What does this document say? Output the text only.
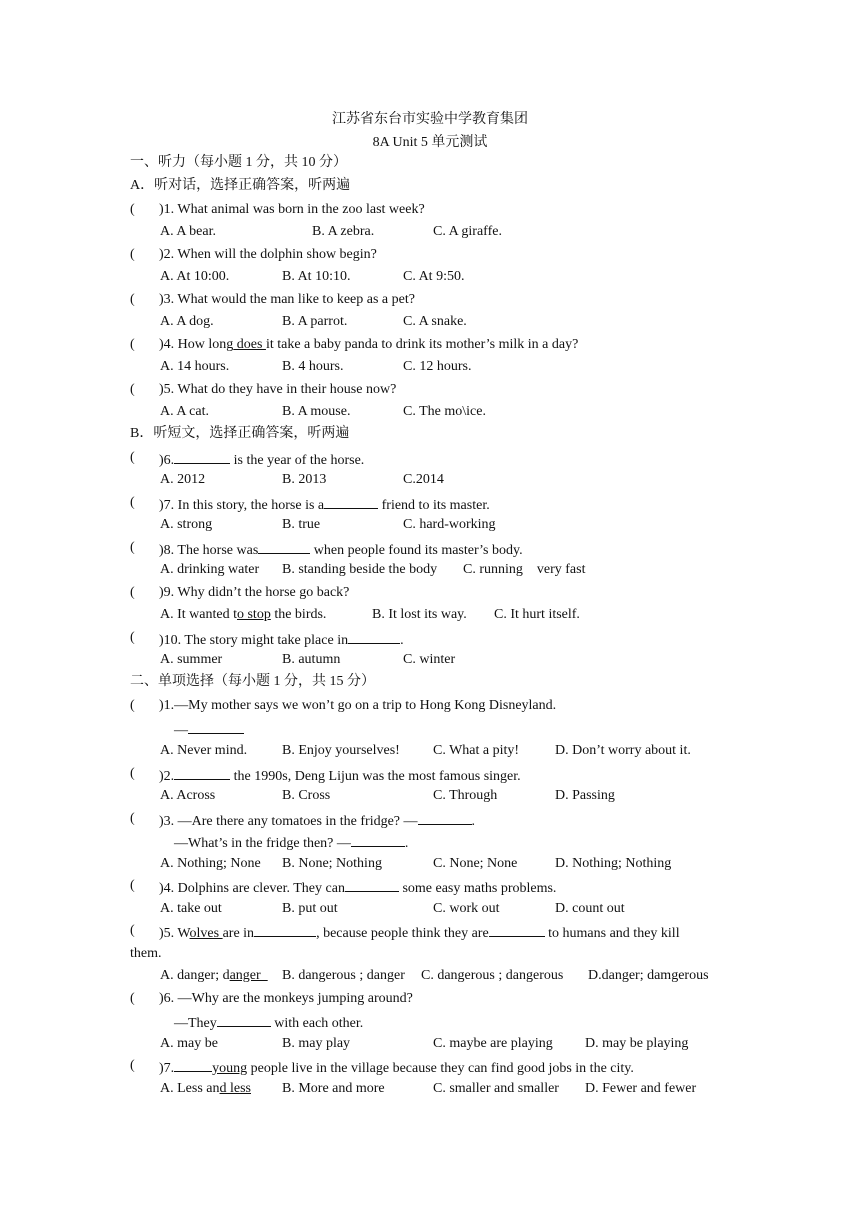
江苏省东台市实验中学教育集团
8A Unit 5 单元测试
一、听力（每小题 1 分，共 10 分）
A．听对话，选择正确答案，听两遍
( )1. What animal was born in the zoo last week?
A. A bear.	B. A zebra.	C. A giraffe.
( )2. When will the dolphin show begin?
A. At 10:00.	B. At 10:10.	C. At 9:50.
( )3. What would the man like to keep as a pet?
A. A dog.	B. A parrot.	C. A snake.
( )4. How long does it take a baby panda to drink its mother’s milk in a day?
A. 14 hours.	B. 4 hours.	C. 12 hours.
( )5. What do they have in their house now?
A. A cat.	B. A mouse.	C. The mo\ice.
B．听短文，选择正确答案，听两遍
( )6.	is the year of the horse.
A. 2012	B. 2013	C.2014
( )7. In this story, the horse is a	friend to its master.
A. strong	B. true	C. hard-working
( )8. The horse was	when people found its master’s body.
A. drinking water B. standing beside the body C. running    very fast
( )9. Why didn’t the horse go back?
A. It wanted to stop the birds.	B. It lost its way. C. It hurt itself.
( )10. The story might take place in	.
A. summer	B. autumn	C. winter
二、单项选择（每小题 1 分，共 15 分）
( )1.—My mother says we won’t go on a trip to Hong Kong Disneyland.
—
A. Never mind. B. Enjoy yourselves! C. What a pity!	D. Don’t worry about it.
( )2.	the 1990s, Deng Lijun was the most famous singer.
A. Across	B. Cross	C. Through	D. Passing
( )3. —Are there any tomatoes in the fridge? —	.
—What’s in the fridge then? —	.
A. Nothing; None B. None; Nothing	C. None; None	D. Nothing; Nothing
( )4. Dolphins are clever. They can	some easy maths problems.
A. take out	B. put out	C. work out	D. count out
( )5. Wolves are in	, because people think they are	to humans and they kill
them.
A. danger; danger B. dangerous ; danger C. dangerous ; dangerous D.danger; damgerous
( )6. —Why are the monkeys jumping around?
—They	with each other.
A. may be	B. may play	C. maybe are playing D. may be playing
( )7.	young people live in the village because they can find good jobs in the city.
A. Less and less B. More and more	C. smaller and smaller D. Fewer and fewer
